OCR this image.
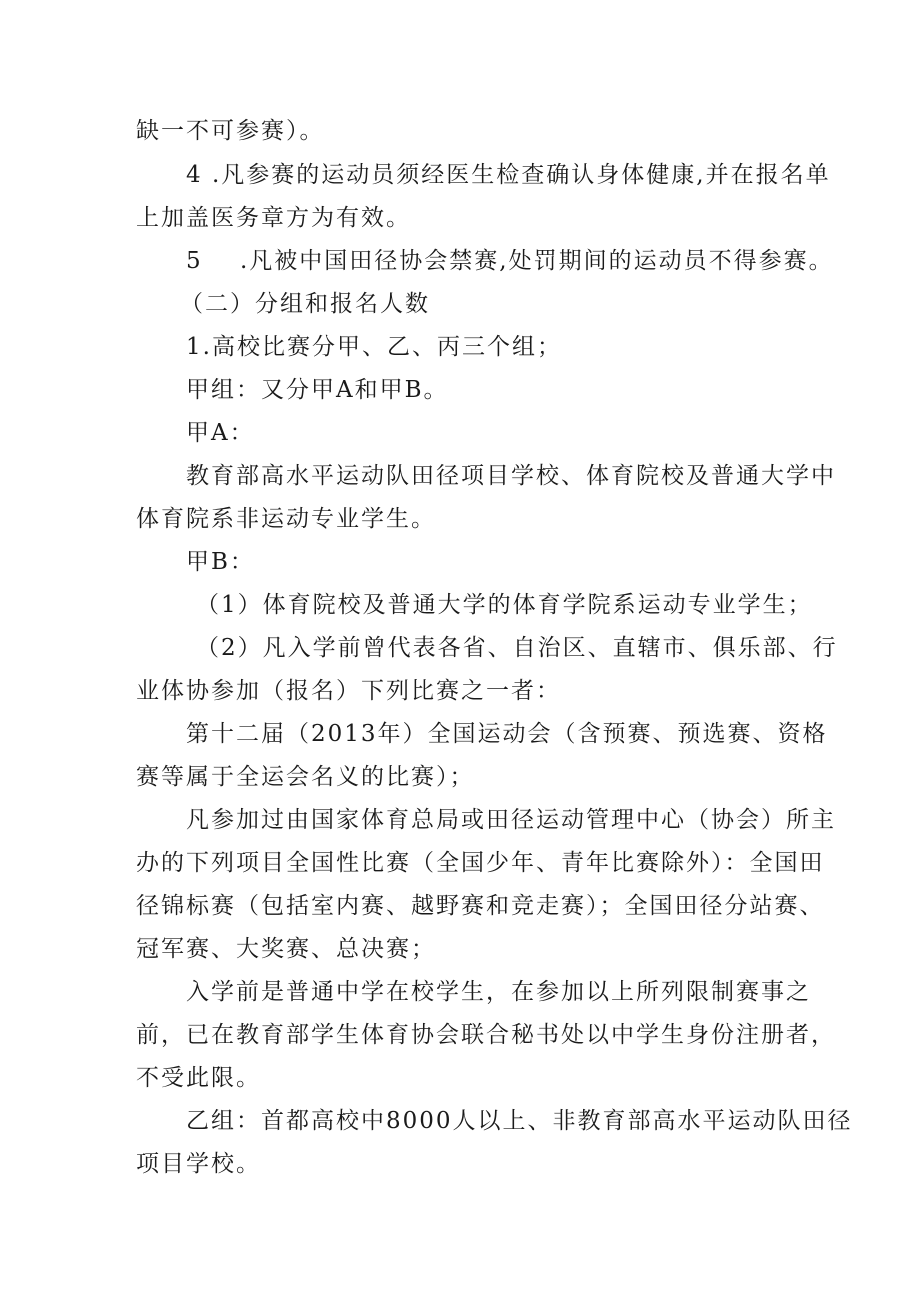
缺一不可参赛）。
4 .凡参赛的运动员须经医生检查确认身体健康,并在报名单
上加盖医务章方为有效。
5 .凡被中国田径协会禁赛,处罚期间的运动员不得参赛。
（二）分组和报名人数
1.高校比赛分甲、乙、丙三个组；
甲组：又分甲A和甲B。
甲A：
教育部高水平运动队田径项目学校、体育院校及普通大学中
体育院系非运动专业学生。
甲B：
（1）体育院校及普通大学的体育学院系运动专业学生；
（2）凡入学前曾代表各省、自治区、直辖市、俱乐部、行
业体协参加（报名）下列比赛之一者：
第十二届（2013年）全国运动会（含预赛、预选赛、资格
赛等属于全运会名义的比赛）；
凡参加过由国家体育总局或田径运动管理中心（协会）所主
办的下列项目全国性比赛（全国少年、青年比赛除外）：全国田
径锦标赛（包括室内赛、越野赛和竞走赛）；全国田径分站赛、
冠军赛、大奖赛、总决赛；
入学前是普通中学在校学生，在参加以上所列限制赛事之
前，已在教育部学生体育协会联合秘书处以中学生身份注册者，
不受此限。
乙组：首都高校中8000人以上、非教育部高水平运动队田径
项目学校。
